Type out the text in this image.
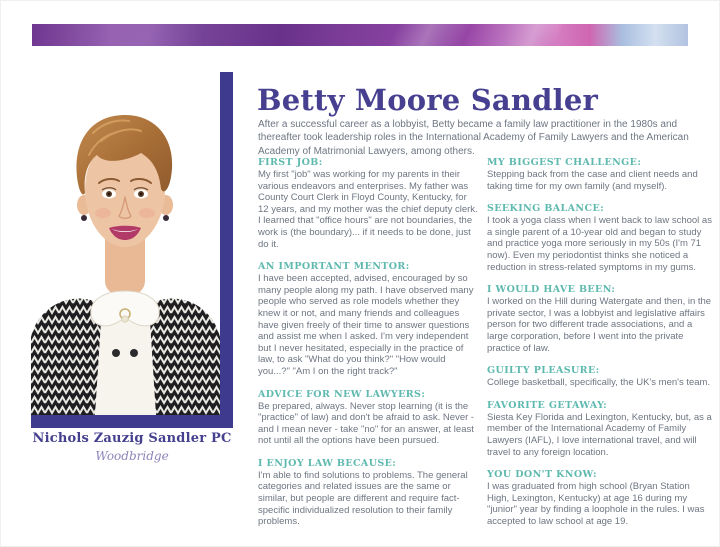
Nichols Zauzig Sandler PC
Woodbridge
Betty Moore Sandler

After a successful career as a lobbyist, Betty became a family law practitioner in the 1980s and thereafter took leadership roles in the International Academy of Family Lawyers and the American Academy of Matrimonial Lawyers, among others.

FIRST JOB:

My first "job" was working for my parents in their various endeavors and enterprises. My father was County Court Clerk in Floyd County, Kentucky, for 12 years, and my mother was the chief deputy clerk. I learned that "office hours" are not boundaries, the work is (the boundary)... if it needs to be done, just do it.

AN IMPORTANT MENTOR:

I have been accepted, advised, encouraged by so many people along my path. I have observed many people who served as role models whether they knew it or not, and many friends and colleagues have given freely of their time to answer questions and assist me when I asked. I'm very independent but I never hesitated, especially in the practice of law, to ask "What do you think?" "How would you...?" "Am I on the right track?"

ADVICE FOR NEW LAWYERS:

Be prepared, always. Never stop learning (it is the "practice" of law) and don't be afraid to ask. Never - and I mean never - take "no" for an answer, at least not until all the options have been pursued.

I ENJOY LAW BECAUSE:

I'm able to find solutions to problems. The general categories and related issues are the same or similar, but people are different and require fact-specific individualized resolution to their family problems.

MY BIGGEST CHALLENGE:

Stepping back from the case and client needs and taking time for my own family (and myself).

SEEKING BALANCE:

I took a yoga class when I went back to law school as a single parent of a 10-year old and began to study and practice yoga more seriously in my 50s (I'm 71 now). Even my periodontist thinks she noticed a reduction in stress-related symptoms in my gums.

I WOULD HAVE BEEN:

I worked on the Hill during Watergate and then, in the private sector, I was a lobbyist and legislative affairs person for two different trade associations, and a large corporation, before I went into the private practice of law.

GUILTY PLEASURE:

College basketball, specifically, the UK's men's team.

FAVORITE GETAWAY:

Siesta Key Florida and Lexington, Kentucky, but, as a member of the International Academy of Family Lawyers (IAFL), I love international travel, and will travel to any foreign location.

YOU DON'T KNOW:

I was graduated from high school (Bryan Station High, Lexington, Kentucky) at age 16 during my "junior" year by finding a loophole in the rules. I was accepted to law school at age 19.
